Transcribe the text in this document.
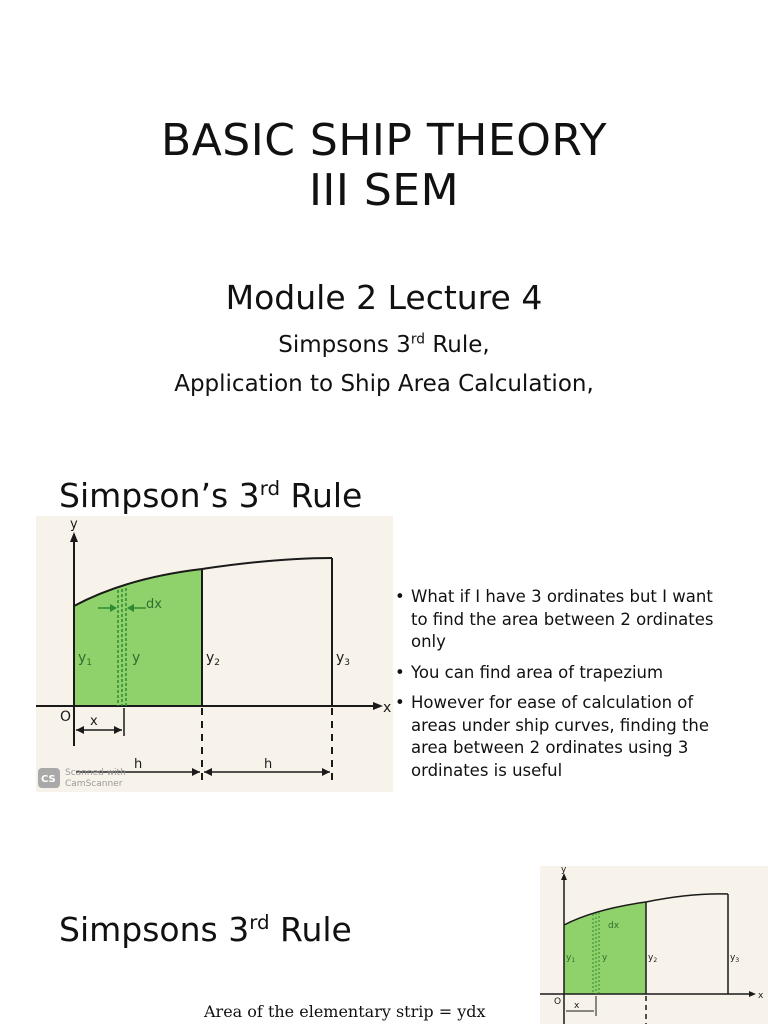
BASIC SHIP THEORY
III SEM
Module 2 Lecture 4
Simpsons 3rd Rule,
Application to Ship Area Calculation,
Simpson’s 3rd Rule
y
x
O
$y_1$	y	$y_2$	$y_3$
dx
x
h	h
CS
Scanned with
CamScanner
• What if I have 3 ordinates but I want to find the area between 2 ordinates only
• You can find area of trapezium
• However for ease of calculation of areas under ship curves, finding the area between 2 ordinates using 3 ordinates is useful
Simpsons 3rd Rule
y
x
O
$y_1$	y	$y_2$	$y_3$
dx
x
Area of the elementary strip = ydx
